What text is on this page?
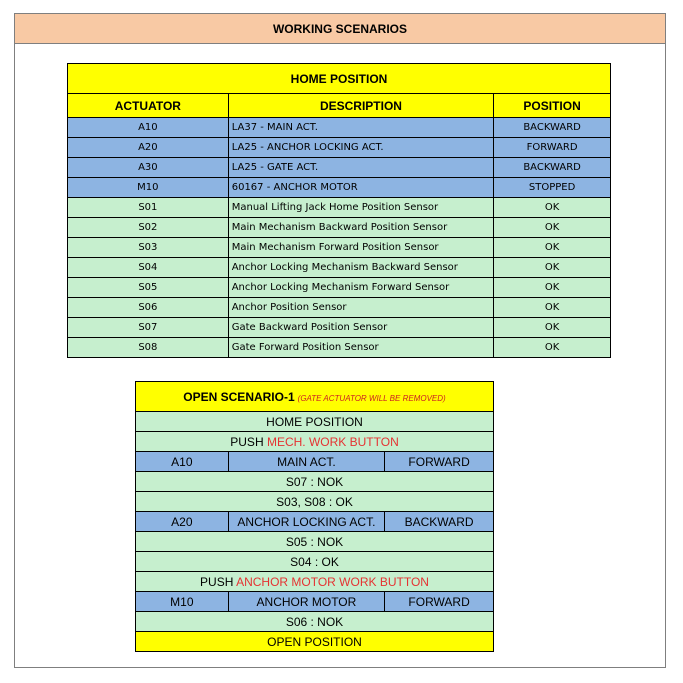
WORKING SCENARIOS
HOME POSITION		
ACTUATOR	DESCRIPTION	POSITION
A10	LA37 - MAIN ACT.	BACKWARD
A20	LA25 - ANCHOR LOCKING ACT.	FORWARD
A30	LA25 - GATE ACT.	BACKWARD
M10	60167 - ANCHOR MOTOR	STOPPED
S01	Manual Lifting Jack Home Position Sensor	OK
S02	Main Mechanism Backward Position Sensor	OK
S03	Main Mechanism Forward Position Sensor	OK
S04	Anchor Locking Mechanism Backward Sensor	OK
S05	Anchor Locking Mechanism Forward Sensor	OK
S06	Anchor Position Sensor	OK
S07	Gate Backward Position Sensor	OK
S08	Gate Forward Position Sensor	OK
OPEN SCENARIO-1 (GATE ACTUATOR WILL BE REMOVED)		
HOME POSITION		
PUSH MECH. WORK BUTTON		
A10	MAIN ACT.	FORWARD
S07 : NOK		
S03, S08 : OK		
A20	ANCHOR LOCKING ACT.	BACKWARD
S05 : NOK		
S04 : OK		
PUSH ANCHOR MOTOR WORK BUTTON		
M10	ANCHOR MOTOR	FORWARD
S06 : NOK		
OPEN POSITION		
